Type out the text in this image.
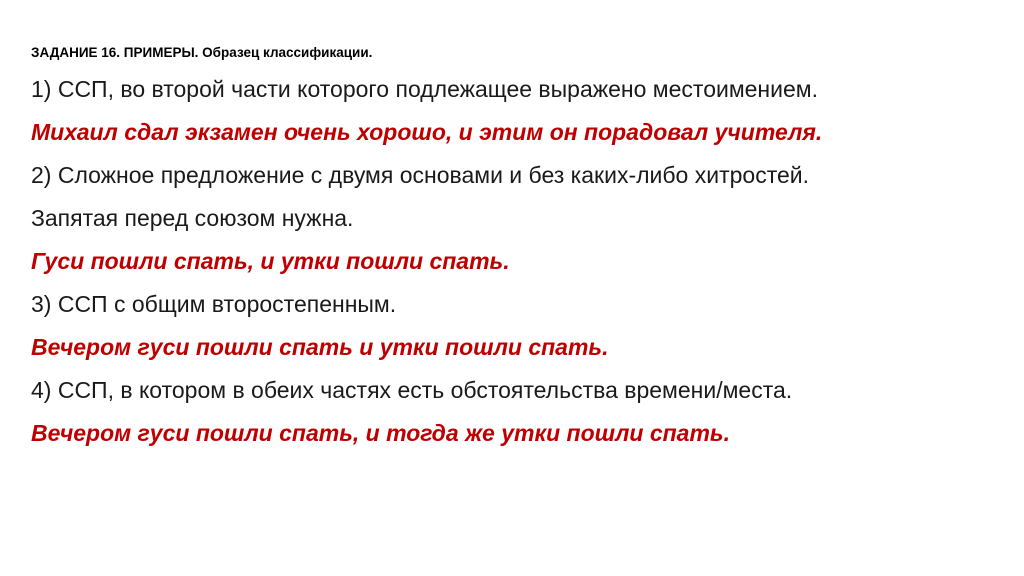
ЗАДАНИЕ 16. ПРИМЕРЫ. Образец классификации.
1) ССП, во второй части которого подлежащее выражено местоимением.
Михаил сдал экзамен очень хорошо, и этим он порадовал учителя.
2) Сложное предложение с двумя основами и без каких-либо хитростей.
Запятая перед союзом нужна.
Гуси пошли спать, и утки пошли спать.
3) ССП с общим второстепенным.
Вечером гуси пошли спать и утки пошли спать.
4) ССП, в котором в обеих частях есть обстоятельства времени/места.
Вечером гуси пошли спать, и тогда же утки пошли спать.
